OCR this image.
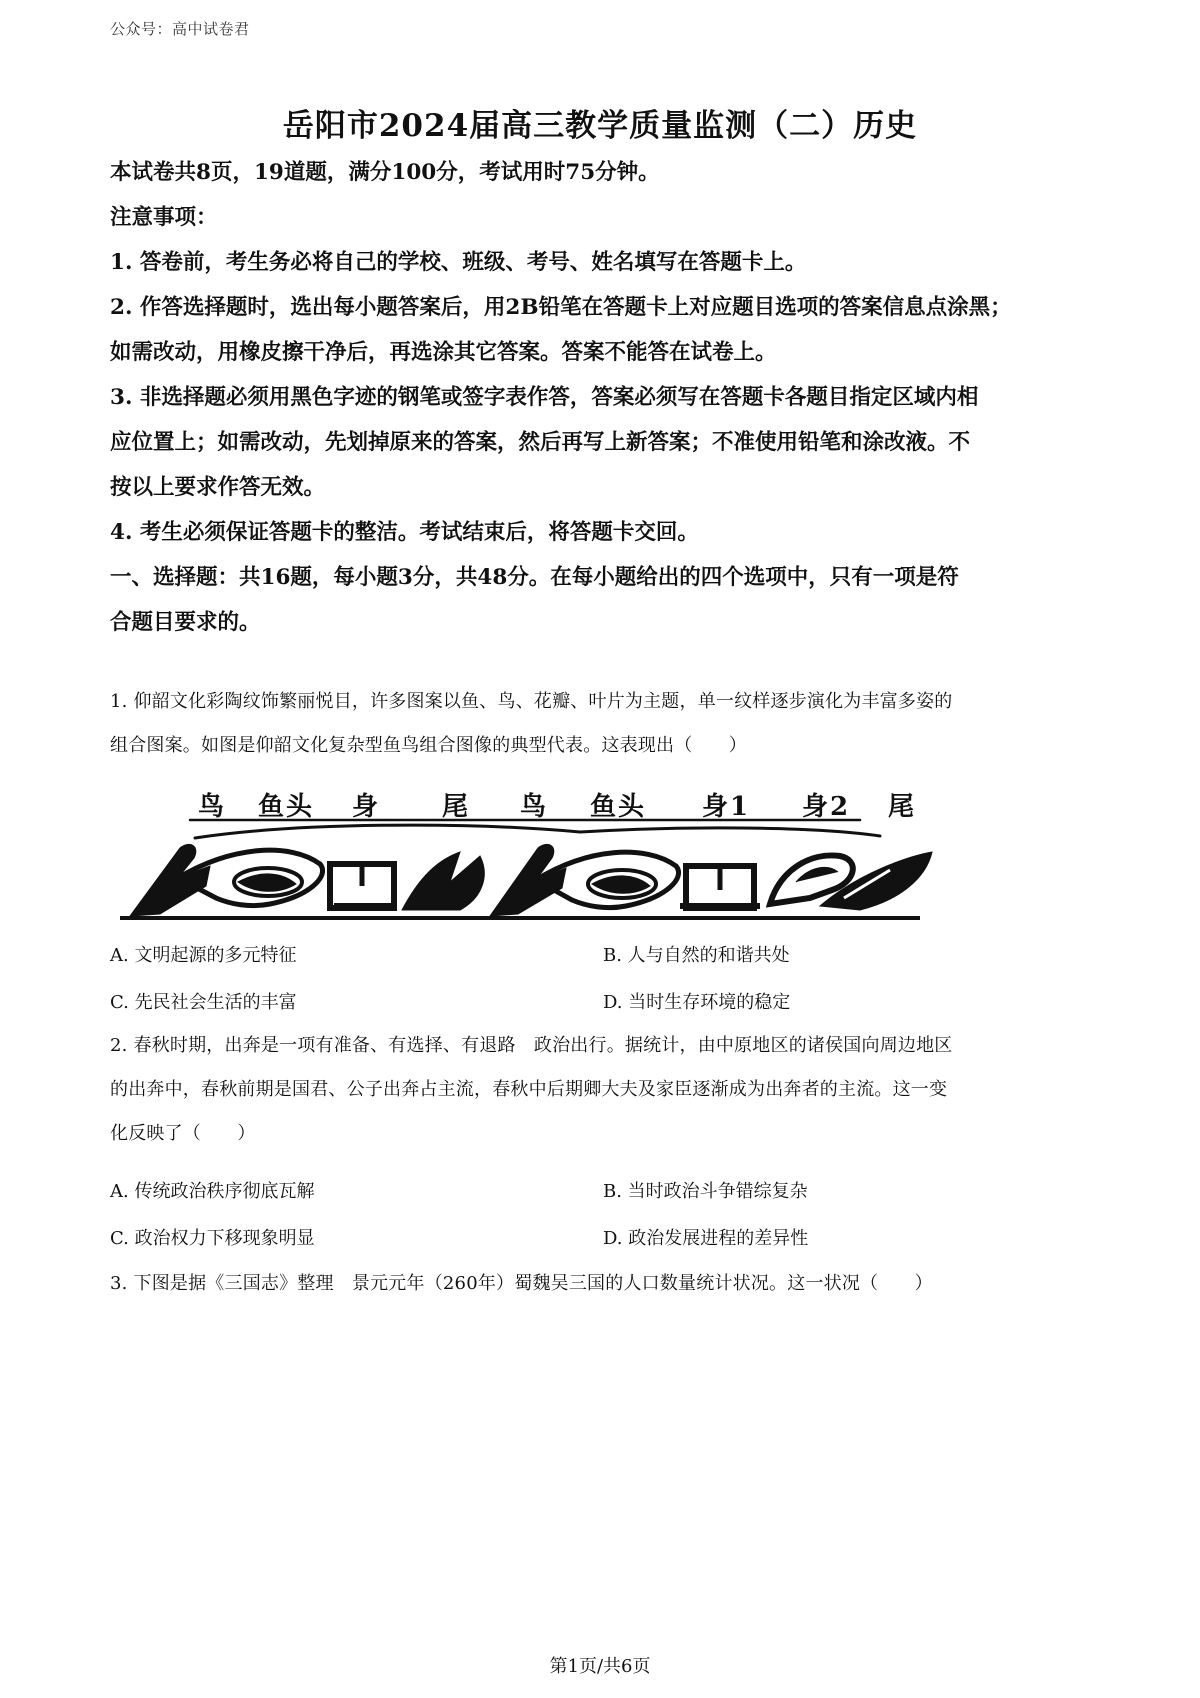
公众号：高中试卷君
岳阳市2024届高三教学质量监测（二）历史
本试卷共8页，19道题，满分100分，考试用时75分钟。
注意事项：
1. 答卷前，考生务必将自己的学校、班级、考号、姓名填写在答题卡上。
2. 作答选择题时，选出每小题答案后，用2B铅笔在答题卡上对应题目选项的答案信息点涂黑；
如需改动，用橡皮擦干净后，再选涂其它答案。答案不能答在试卷上。
3. 非选择题必须用黑色字迹的钢笔或签字表作答，答案必须写在答题卡各题目指定区域内相
应位置上；如需改动，先划掉原来的答案，然后再写上新答案；不准使用铅笔和涂改液。不
按以上要求作答无效。
4. 考生必须保证答题卡的整洁。考试结束后，将答题卡交回。
一、选择题：共16题，每小题3分，共48分。在每小题给出的四个选项中，只有一项是符
合题目要求的。
1. 仰韶文化彩陶纹饰繁丽悦目，许多图案以鱼、鸟、花瓣、叶片为主题，单一纹样逐步演化为丰富多姿的
组合图案。如图是仰韶文化复杂型鱼鸟组合图像的典型代表。这表现出（　　）
鸟 鱼头 身 尾 鸟 鱼头 身1 身2 尾
A. 文明起源的多元特征	B. 人与自然的和谐共处
C. 先民社会生活的丰富	D. 当时生存环境的稳定
2. 春秋时期，出奔是一项有准备、有选择、有退路　政治出行。据统计，由中原地区的诸侯国向周边地区
的出奔中，春秋前期是国君、公子出奔占主流，春秋中后期卿大夫及家臣逐渐成为出奔者的主流。这一变
化反映了（　　）
A. 传统政治秩序彻底瓦解	B. 当时政治斗争错综复杂
C. 政治权力下移现象明显	D. 政治发展进程的差异性
3. 下图是据《三国志》整理　景元元年（260年）蜀魏吴三国的人口数量统计状况。这一状况（　　）
第1页/共6页
